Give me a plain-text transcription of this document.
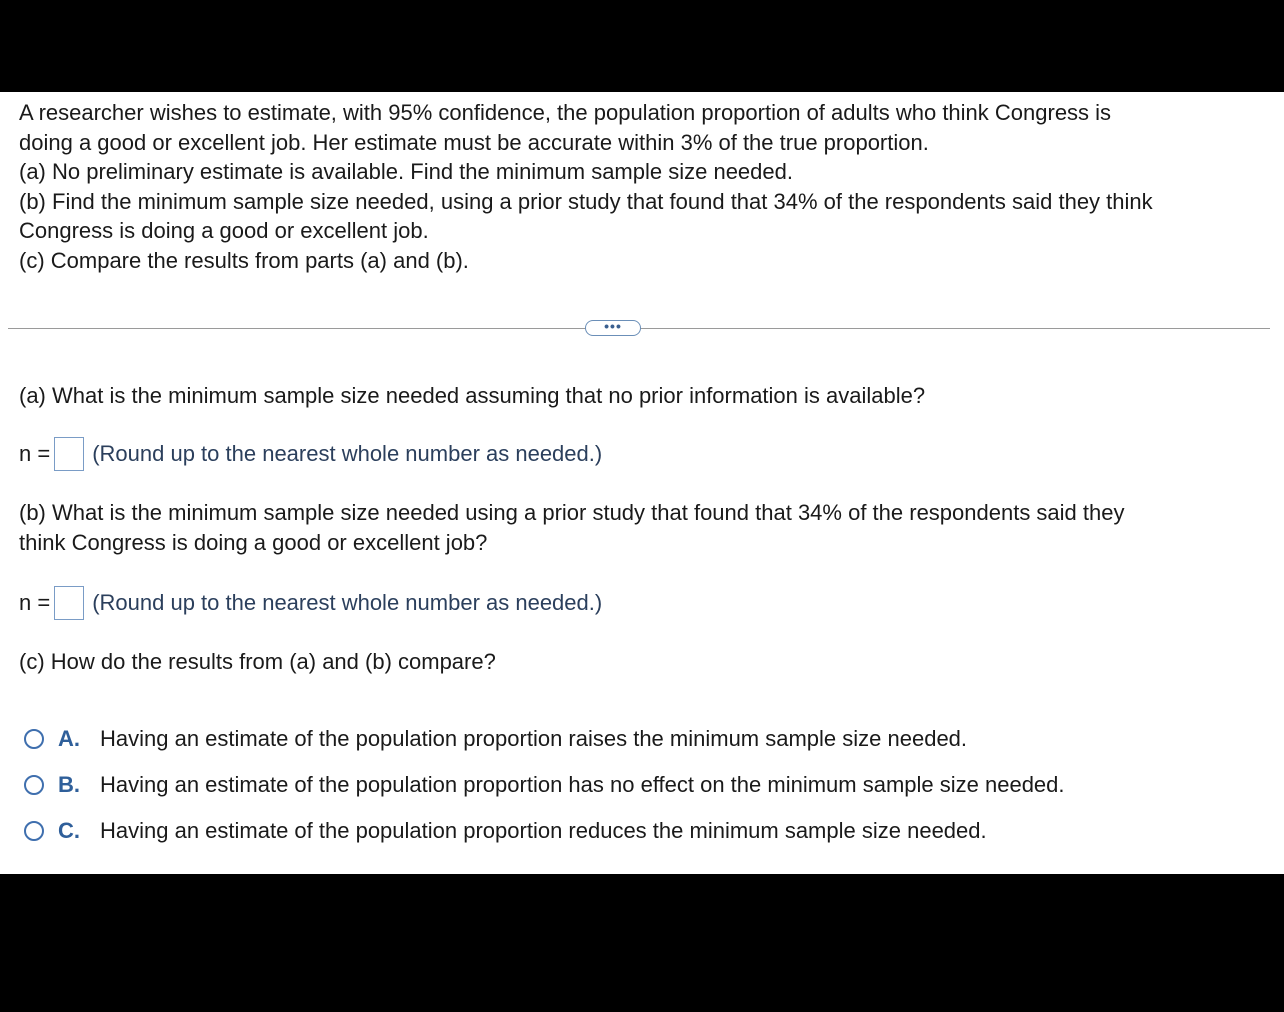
A researcher wishes to estimate, with 95% confidence, the population proportion of adults who think Congress is

doing a good or excellent job. Her estimate must be accurate within 3% of the true proportion.

(a) No preliminary estimate is available. Find the minimum sample size needed.

(b) Find the minimum sample size needed, using a prior study that found that 34% of the respondents said they think

Congress is doing a good or excellent job.

(c) Compare the results from parts (a) and (b).

•••
(a) What is the minimum sample size needed assuming that no prior information is available?
n = (Round up to the nearest whole number as needed.)
(b) What is the minimum sample size needed using a prior study that found that 34% of the respondents said they
think Congress is doing a good or excellent job?
n = (Round up to the nearest whole number as needed.)
(c) How do the results from (a) and (b) compare?
A. Having an estimate of the population proportion raises the minimum sample size needed.
B. Having an estimate of the population proportion has no effect on the minimum sample size needed.
C. Having an estimate of the population proportion reduces the minimum sample size needed.
